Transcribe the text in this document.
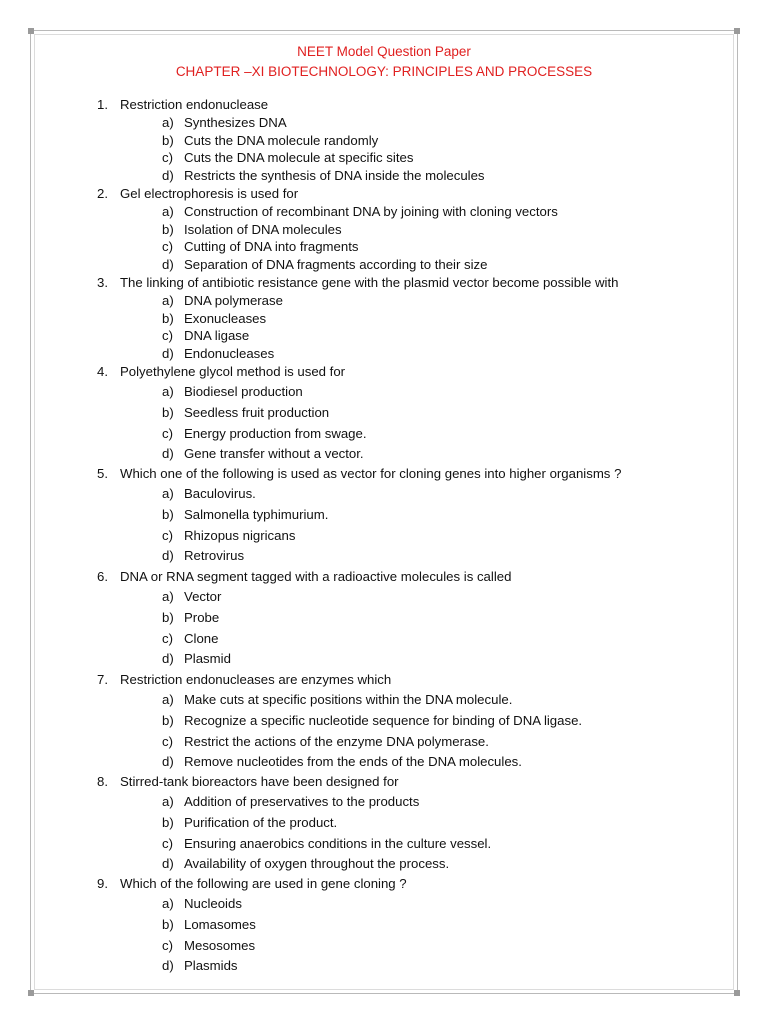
NEET Model Question Paper
CHAPTER –XI BIOTECHNOLOGY: PRINCIPLES AND PROCESSES
1. Restriction endonuclease
a) Synthesizes DNA
b) Cuts the DNA molecule randomly
c) Cuts the DNA molecule at specific sites
d) Restricts the synthesis of DNA inside the molecules
2. Gel electrophoresis is used for
a) Construction of recombinant DNA by joining with cloning vectors
b) Isolation of DNA molecules
c) Cutting of DNA into fragments
d) Separation of DNA fragments according to their size
3. The linking of antibiotic resistance gene with the plasmid vector become possible with
a) DNA polymerase
b) Exonucleases
c) DNA ligase
d) Endonucleases
4. Polyethylene glycol method is used for
a) Biodiesel production
b) Seedless fruit production
c) Energy production from swage.
d) Gene transfer without a vector.
5. Which one of the following is used as vector for cloning genes into higher organisms ?
a) Baculovirus.
b) Salmonella typhimurium.
c) Rhizopus nigricans
d) Retrovirus
6. DNA or RNA segment tagged with a radioactive molecules is called
a) Vector
b) Probe
c) Clone
d) Plasmid
7. Restriction endonucleases are enzymes which
a) Make cuts at specific positions within the DNA molecule.
b) Recognize a specific nucleotide sequence for binding of DNA ligase.
c) Restrict the actions of the enzyme DNA polymerase.
d) Remove nucleotides from the ends of the DNA molecules.
8. Stirred-tank bioreactors have been designed for
a) Addition of preservatives to the products
b) Purification of the product.
c) Ensuring anaerobics conditions in the culture vessel.
d) Availability of oxygen throughout the process.
9. Which of the following are used in gene cloning ?
a) Nucleoids
b) Lomasomes
c) Mesosomes
d) Plasmids
